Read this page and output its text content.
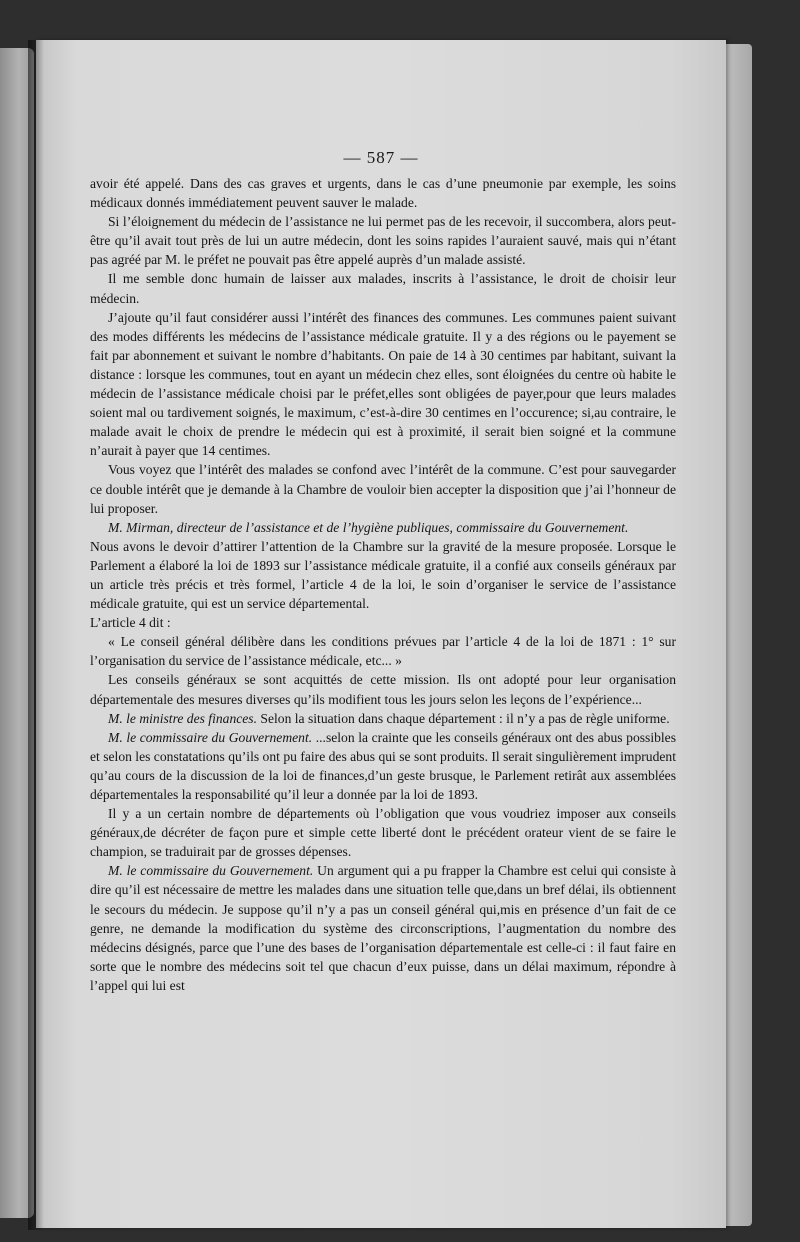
— 587 —

avoir été appelé. Dans des cas graves et urgents, dans le cas d’une pneumonie par exemple, les soins médicaux donnés immédiatement peuvent sauver le malade.

Si l’éloignement du médecin de l’assistance ne lui permet pas de les recevoir, il succombera, alors peut-être qu’il avait tout près de lui un autre médecin, dont les soins rapides l’auraient sauvé, mais qui n’étant pas agréé par M. le préfet ne pouvait pas être appelé auprès d’un malade assisté.

Il me semble donc humain de laisser aux malades, inscrits à l’assistance, le droit de choisir leur médecin.

J’ajoute qu’il faut considérer aussi l’intérêt des finances des communes. Les communes paient suivant des modes différents les médecins de l’assistance médicale gratuite. Il y a des régions ou le payement se fait par abonnement et suivant le nombre d’habitants. On paie de 14 à 30 centimes par habitant, suivant la distance : lorsque les communes, tout en ayant un médecin chez elles, sont éloignées du centre où habite le médecin de l’assistance médicale choisi par le préfet,elles sont obligées de payer,pour que leurs malades soient mal ou tardivement soignés, le maximum, c’est-à-dire 30 centimes en l’occurence; si,au contraire, le malade avait le choix de prendre le médecin qui est à proximité, il serait bien soigné et la commune n’aurait à payer que 14 centimes.

Vous voyez que l’intérêt des malades se confond avec l’intérêt de la commune. C’est pour sauvegarder ce double intérêt que je demande à la Chambre de vouloir bien accepter la disposition que j’ai l’honneur de lui proposer.

M. Mirman, directeur de l’assistance et de l’hygiène publiques, commissaire du Gouvernement.

Nous avons le devoir d’attirer l’attention de la Chambre sur la gravité de la mesure proposée. Lorsque le Parlement a élaboré la loi de 1893 sur l’assistance médicale gratuite, il a confié aux conseils généraux par un article très précis et très formel, l’article 4 de la loi, le soin d’organiser le service de l’assistance médicale gratuite, qui est un service départemental.

L’article 4 dit :

« Le conseil général délibère dans les conditions prévues par l’article 4 de la loi de 1871 : 1° sur l’organisation du service de l’assistance médicale, etc... »

Les conseils généraux se sont acquittés de cette mission. Ils ont adopté pour leur organisation départementale des mesures diverses qu’ils modifient tous les jours selon les leçons de l’expérience...

M. le ministre des finances. Selon la situation dans chaque département : il n’y a pas de règle uniforme.

M. le commissaire du Gouvernement. ...selon la crainte que les conseils généraux ont des abus possibles et selon les constatations qu’ils ont pu faire des abus qui se sont produits. Il serait singulièrement imprudent qu’au cours de la discussion de la loi de finances,d’un geste brusque, le Parlement retirât aux assemblées départementales la responsabilité qu’il leur a donnée par la loi de 1893.

Il y a un certain nombre de départements où l’obligation que vous voudriez imposer aux conseils généraux,de décréter de façon pure et simple cette liberté dont le précédent orateur vient de se faire le champion, se traduirait par de grosses dépenses.

M. le commissaire du Gouvernement. Un argument qui a pu frapper la Chambre est celui qui consiste à dire qu’il est nécessaire de mettre les malades dans une situation telle que,dans un bref délai, ils obtiennent le secours du médecin. Je suppose qu’il n’y a pas un conseil général qui,mis en présence d’un fait de ce genre, ne demande la modification du système des circonscriptions, l’augmentation du nombre des médecins désignés, parce que l’une des bases de l’organisation départementale est celle-ci : il faut faire en sorte que le nombre des médecins soit tel que chacun d’eux puisse, dans un délai maximum, répondre à l’appel qui lui est
